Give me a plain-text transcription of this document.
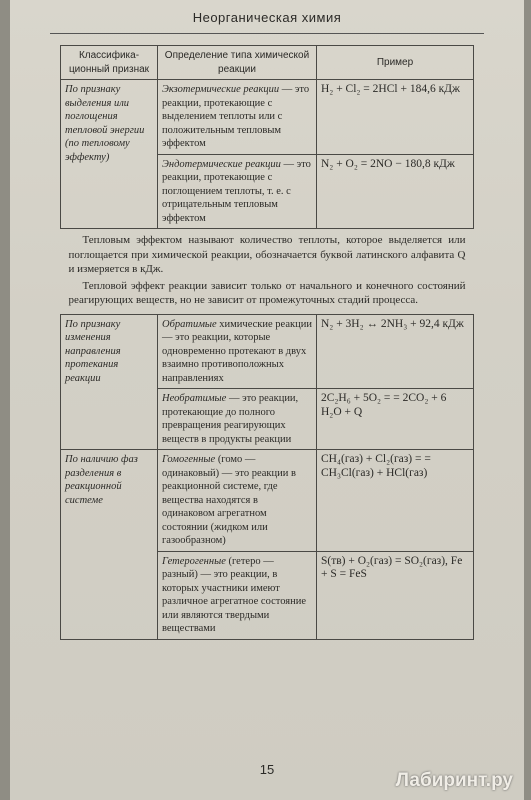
Неорганическая химия
Классифика-ционный признак	Определение типа химической реакции	Пример
По признаку выделения или поглощения тепловой энергии (по тепловому эффекту)	Экзотермические реакции — это реакции, протекающие с выделением теплоты или с положительным тепловым эффектом	H₂ + Cl₂ = 2HCl + 184,6 кДж
	Эндотермические реакции — это реакции, протекающие с поглощением теплоты, т. е. с отрицательным тепловым эффектом	N₂ + O₂ = 2NO − 180,8 кДж

Тепловым эффектом называют количество теплоты, которое выделяется или поглощается при химической реакции, обозначается буквой латинского алфавита Q и измеряется в кДж.

Тепловой эффект реакции зависит только от начального и конечного состояний реагирующих веществ, но не зависит от промежуточных стадий процесса.		

По признаку изменения направления протекания реакции	Обратимые химические реакции — это реакции, которые одновременно протекают в двух взаимно противоположных направлениях	N₂ + 3H₂ ↔ 2NH₃ + 92,4 кДж
	Необратимые — это реакции, протекающие до полного превращения реагирующих веществ в продукты реакции	2C₂H₆ + 5O₂ = = 2CO₂ + 6 H₂O + Q
По наличию фаз разделения в реакционной системе	Гомогенные (гомо — одинаковый) — это реакции в реакционной системе, где вещества находятся в одинаковом агрегатном состоянии (жидком или газообразном)	CH₄(газ) + Cl₂(газ) = = CH₃Cl(газ) + HCl(газ)
	Гетерогенные (гетеро — разный) — это реакции, в которых участники имеют различное агрегатное состояние или являются твердыми веществами	S(тв) + O₂(газ) = SO₂(газ), Fe + S = FeS
15
Лабиринт.ру
